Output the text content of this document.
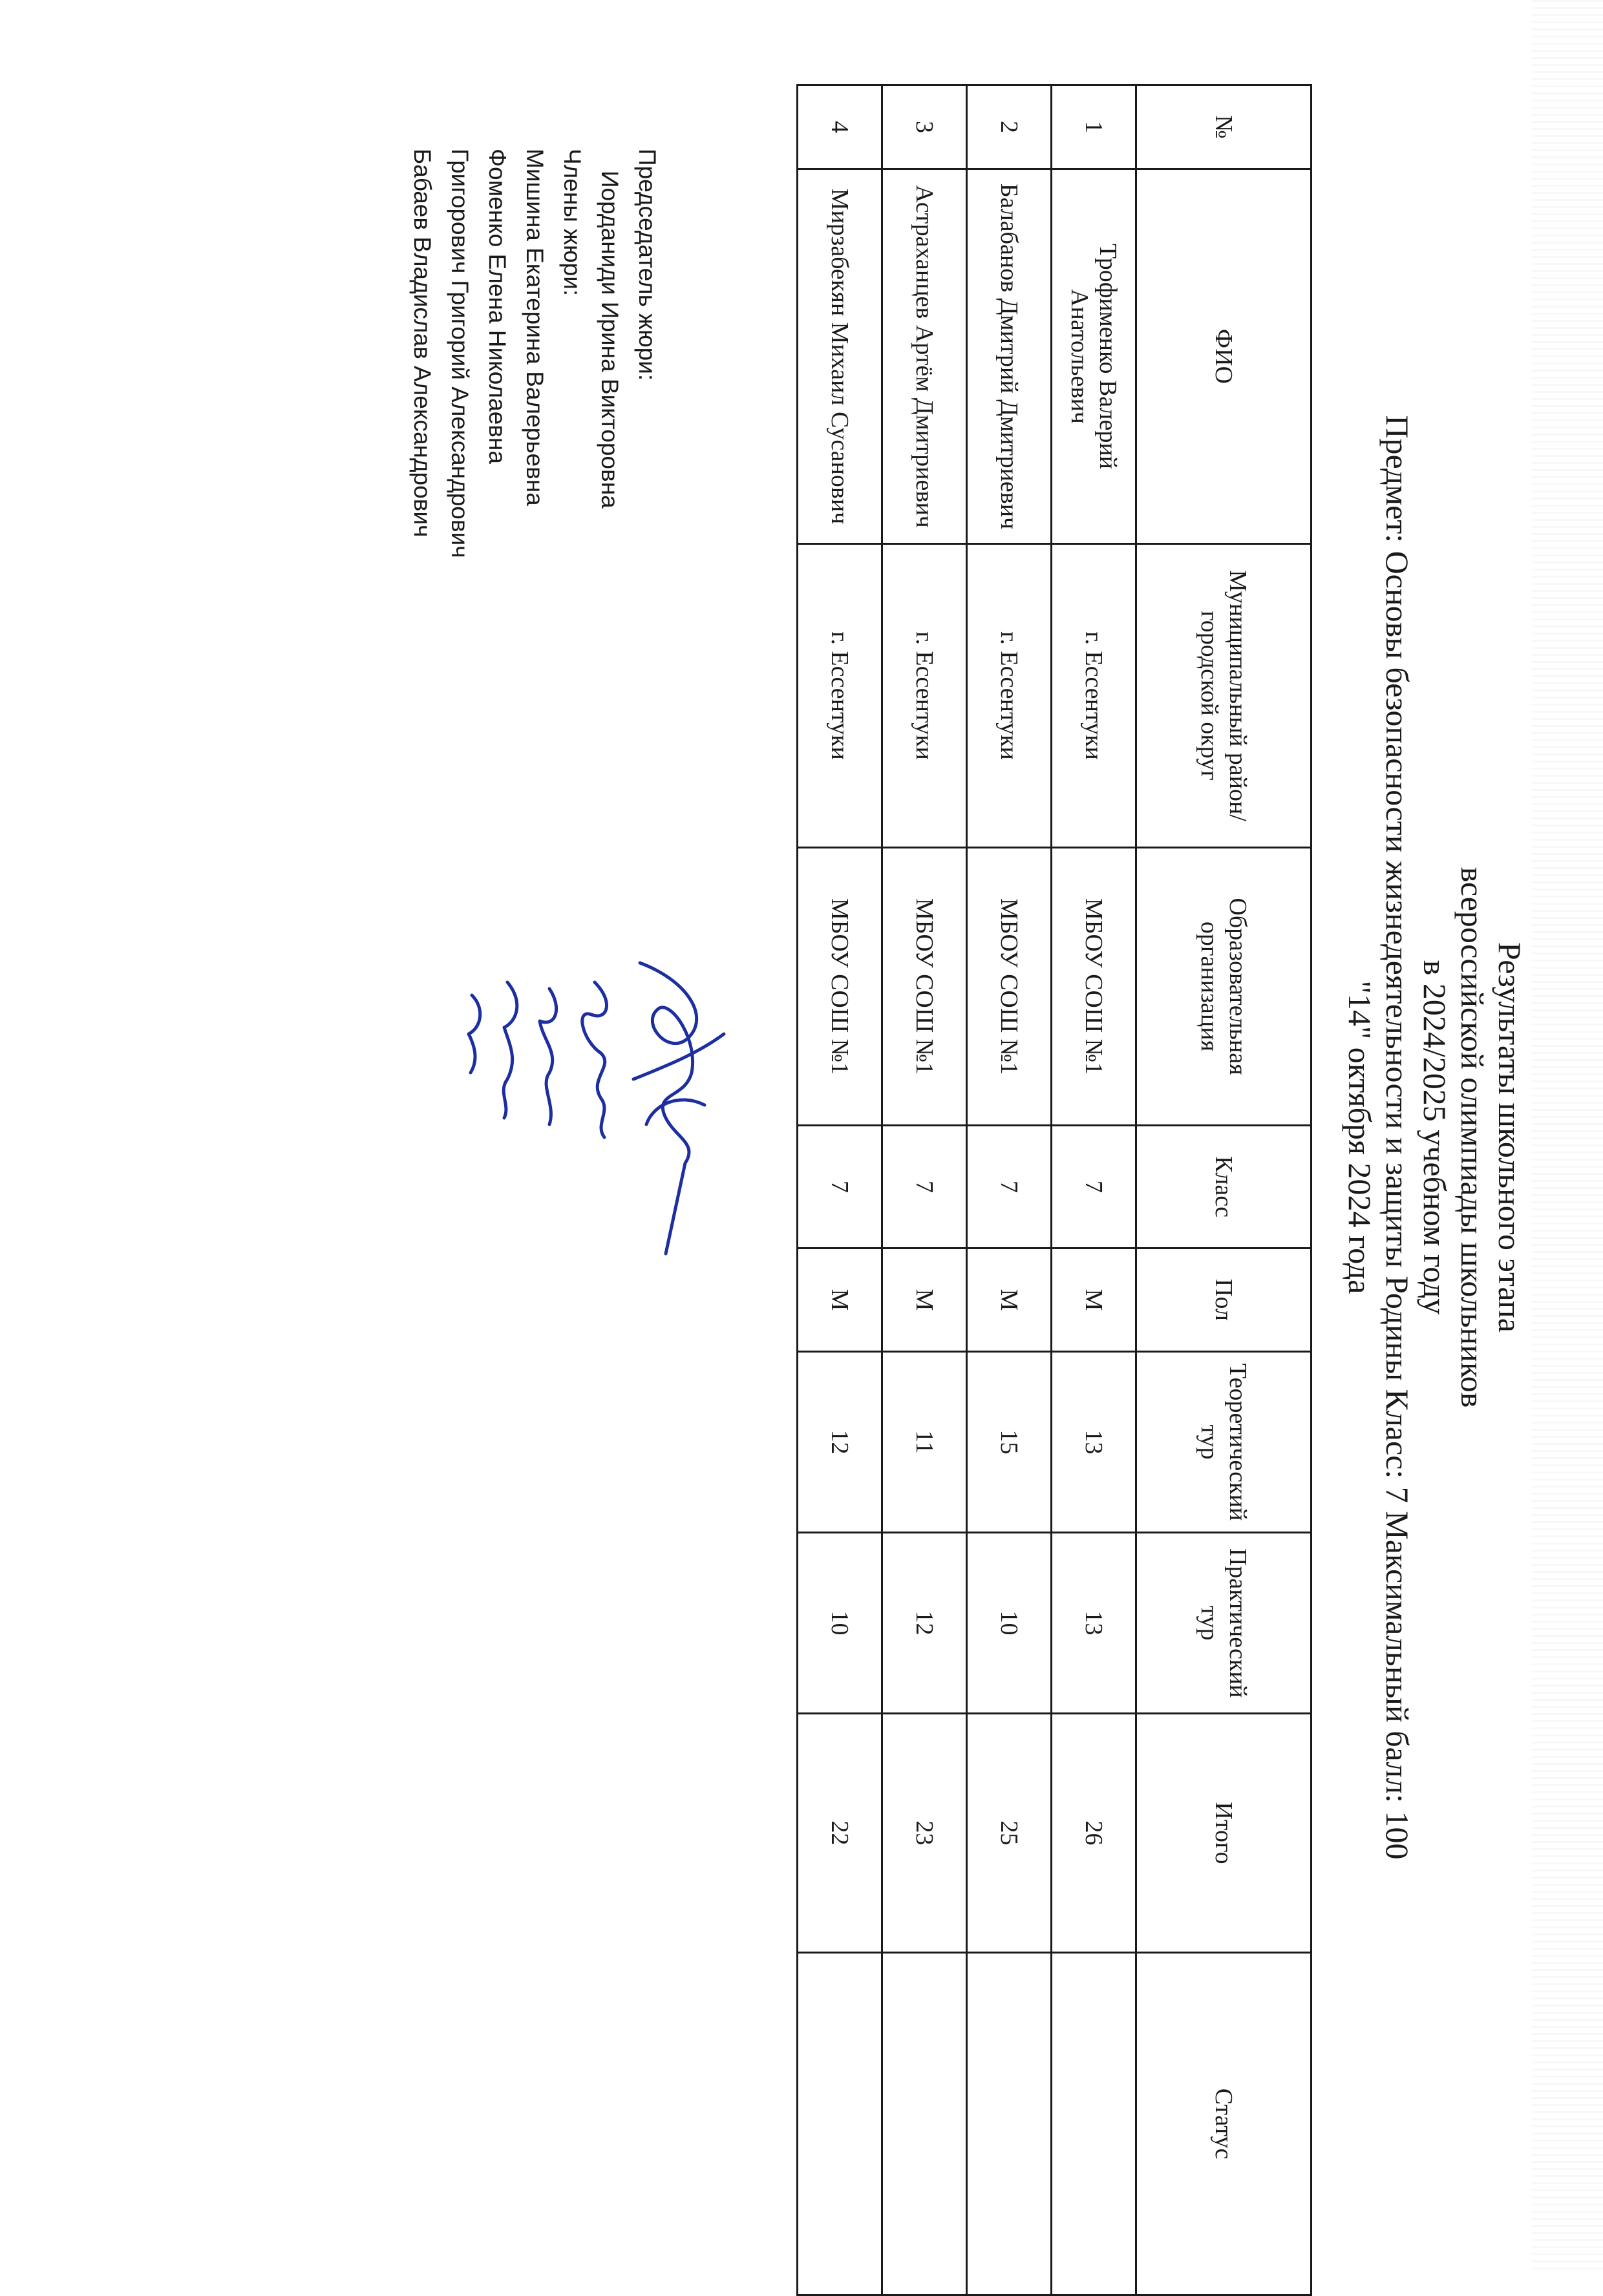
Результаты школьного этапа
всероссийской олимпиады школьников
в 2024/2025 учебном году
Предмет: Основы безопасности жизнедеятельности и защиты Родины Класс: 7 Максимальный балл: 100
"14" октября 2024 года
№	ФИО	Муниципальный район/городской округ	Образовательная организация	Класс	Пол	Теоретический тур	Практический тур	Итого	Статус
1	Трофименко Валерий Анатольевич	г. Ессентуки	МБОУ СОШ №1	7	М	13	13	26	
2	Балабанов Дмитрий Дмитриевич	г. Ессентуки	МБОУ СОШ №1	7	М	15	10	25	
3	Астраханцев Артём Дмитриевич	г. Ессентуки	МБОУ СОШ №1	7	М	11	12	23	
4	Мирзабекян Михаил Сусанович	г. Ессентуки	МБОУ СОШ №1	7	М	12	10	22	
Председатель жюри:
Иорданиди Ирина Викторовна
Члены жюри:
Мишина Екатерина Валерьевна
Фоменко Елена Николаевна
Григорович Григорий Александрович
Бабаев Владислав Александрович
